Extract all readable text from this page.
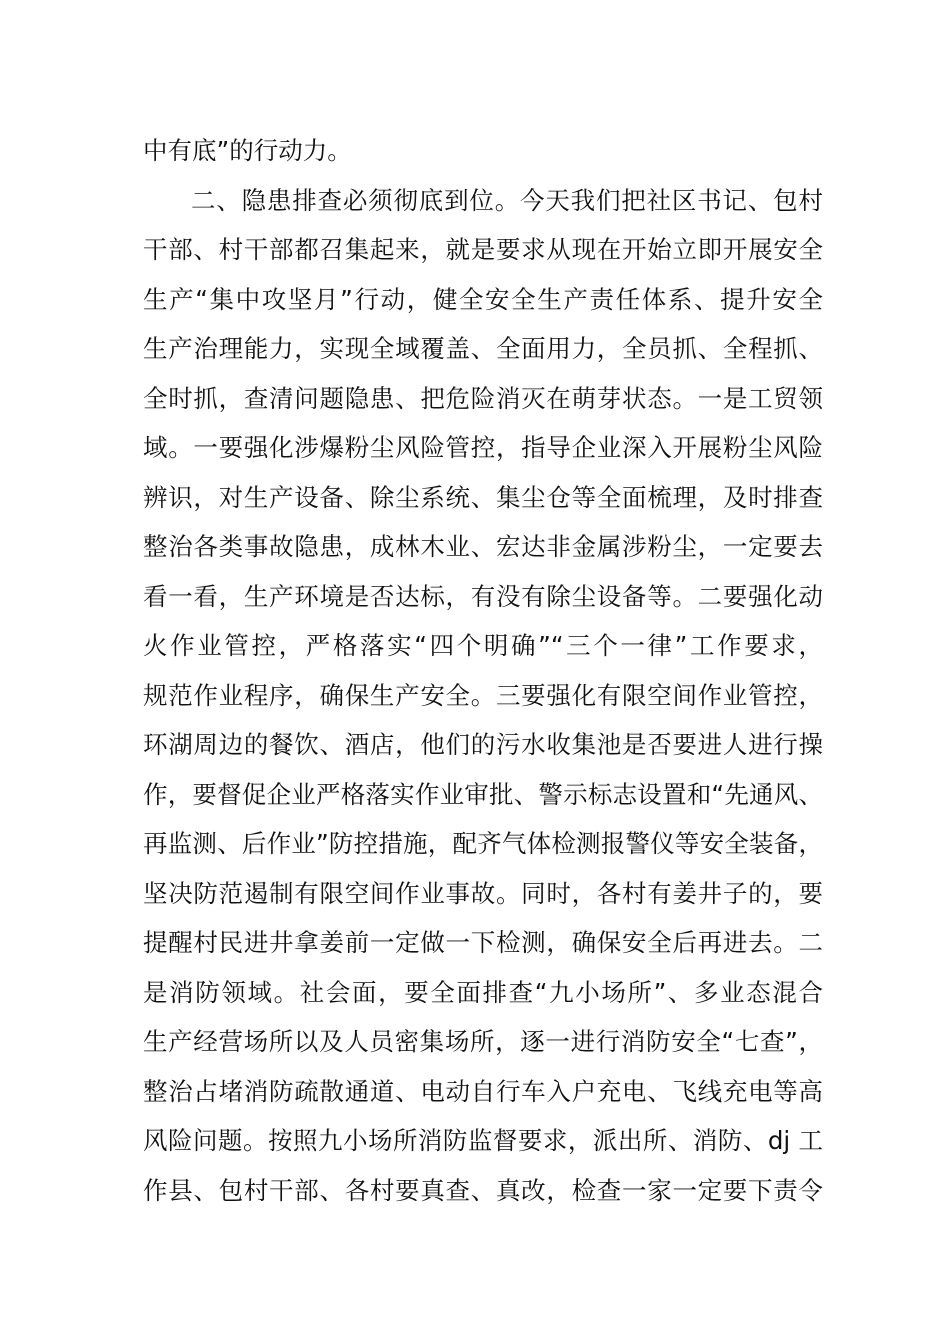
中有底”的行动力。
二、隐患排查必须彻底到位。今天我们把社区书记、包村
干部、村干部都召集起来，就是要求从现在开始立即开展安全
生产“集中攻坚月”行动，健全安全生产责任体系、提升安全
生产治理能力，实现全域覆盖、全面用力，全员抓、全程抓、
全时抓，查清问题隐患、把危险消灭在萌芽状态。一是工贸领
域。一要强化涉爆粉尘风险管控，指导企业深入开展粉尘风险
辨识，对生产设备、除尘系统、集尘仓等全面梳理，及时排查
整治各类事故隐患，成林木业、宏达非金属涉粉尘，一定要去
看一看，生产环境是否达标，有没有除尘设备等。二要强化动
火作业管控，严格落实“四个明确”“三个一律”工作要求，
规范作业程序，确保生产安全。三要强化有限空间作业管控，
环湖周边的餐饮、酒店，他们的污水收集池是否要进人进行操
作，要督促企业严格落实作业审批、警示标志设置和“先通风、
再监测、后作业”防控措施，配齐气体检测报警仪等安全装备，
坚决防范遏制有限空间作业事故。同时，各村有姜井子的，要
提醒村民进井拿姜前一定做一下检测，确保安全后再进去。二
是消防领域。社会面，要全面排查“九小场所”、多业态混合
生产经营场所以及人员密集场所，逐一进行消防安全“七查”，
整治占堵消防疏散通道、电动自行车入户充电、飞线充电等高
风险问题。按照九小场所消防监督要求，派出所、消防、dj 工
作县、包村干部、各村要真查、真改，检查一家一定要下责令
